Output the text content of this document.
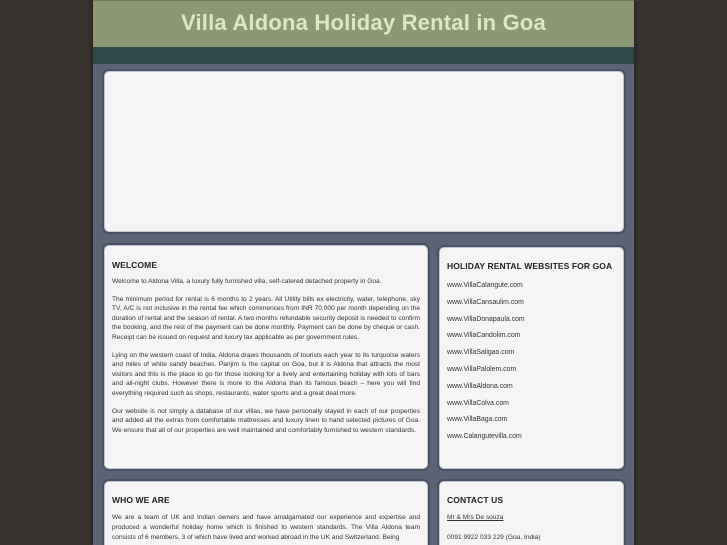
Villa Aldona Holiday Rental in Goa
WELCOME

Welcome to Aldona Villa, a luxury fully furnished villa, self-catered detached property in Goa.

The minimum period for rental is 6 months to 2 years. All Utility bills ex electricity, water, telephone, sky TV, A/C is not inclusive in the rental fee which commences from INR 70,000 per month depending on the duration of rental and the season of rental. A two months refundable security deposit is needed to confirm the booking, and the rest of the payment can be done monthly. Payment can be done by cheque or cash. Receipt can be issued on request and luxury tax applicable as per government rules.

Lying on the western coast of India, Aldona draws thousands of tourists each year to its turquoise waters and miles of white sandy beaches. Panjim is the capital on Goa, but it is Aldona that attracts the most visitors and this is the place to go for those looking for a lively and entertaining holiday with lots of bars and all-night clubs. However there is more to the Aldona than its famous beach – here you will find everything required such as shops, restaurants, water sports and a great deal more.

Our website is not simply a database of our villas, we have personally stayed in each of our properties and added all the extras from comfortable mattresses and luxury linen to hand selected pictures of Goa. We ensure that all of our properties are well maintained and comfortably furnished to western standards.

HOLIDAY RENTAL WEBSITES FOR GOA
www.VillaCalangute.com
www.VillaCansaulim.com
www.VillaDonapaula.com
www.VillaCandolim.com
www.VillaSaligao.com
www.VillaPalolem.com
www.VillaAldona.com
www.VillaColva.com
www.VillaBaga.com
www.Calangutevilla.com
WHO WE ARE

We are a team of UK and Indian owners and have amalgamated our experience and expertise and produced a wonderful holiday home which is finished to western standards. The Villa Aldona team consists of 6 members, 3 of which have lived and worked abroad in the UK and Switzerland. Being

CONTACT US
Mr & Mrs De souza
0091 9922 033 229 (Goa, India)
